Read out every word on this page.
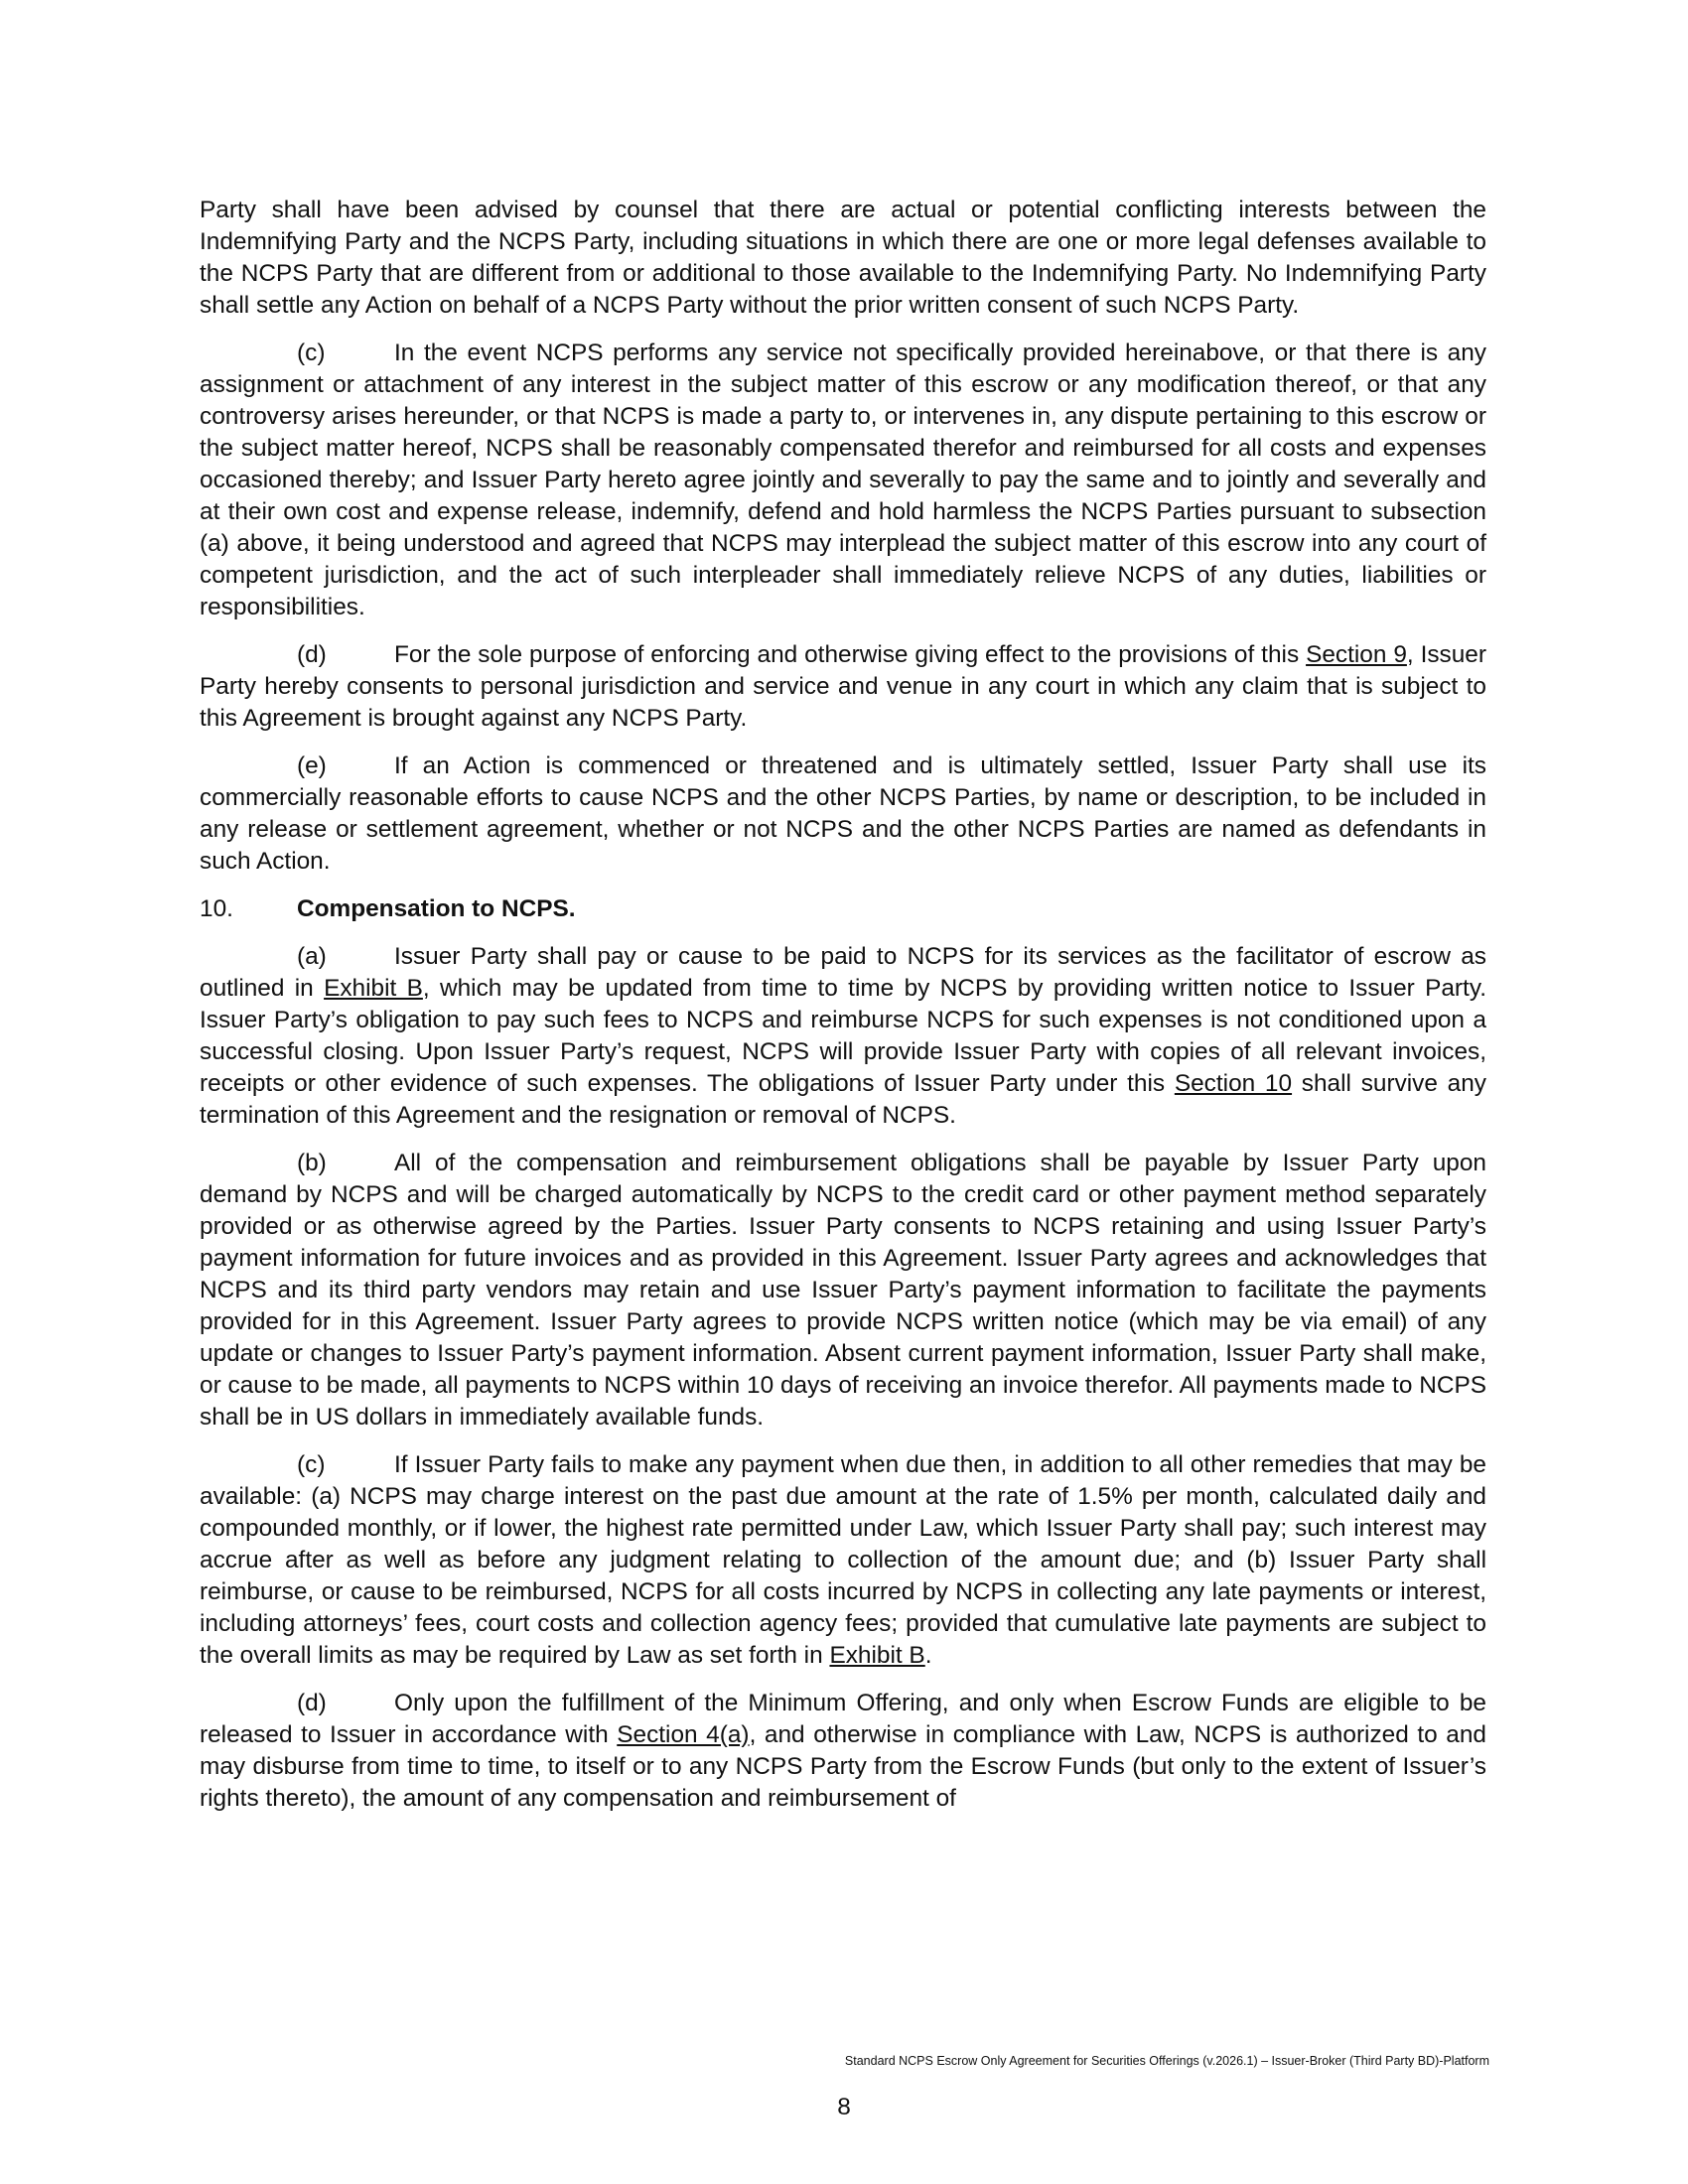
Party shall have been advised by counsel that there are actual or potential conflicting interests between the Indemnifying Party and the NCPS Party, including situations in which there are one or more legal defenses available to the NCPS Party that are different from or additional to those available to the Indemnifying Party. No Indemnifying Party shall settle any Action on behalf of a NCPS Party without the prior written consent of such NCPS Party.

(c)	In the event NCPS performs any service not specifically provided hereinabove, or that there is any assignment or attachment of any interest in the subject matter of this escrow or any modification thereof, or that any controversy arises hereunder, or that NCPS is made a party to, or intervenes in, any dispute pertaining to this escrow or the subject matter hereof, NCPS shall be reasonably compensated therefor and reimbursed for all costs and expenses occasioned thereby; and Issuer Party hereto agree jointly and severally to pay the same and to jointly and severally and at their own cost and expense release, indemnify, defend and hold harmless the NCPS Parties pursuant to subsection (a) above, it being understood and agreed that NCPS may interplead the subject matter of this escrow into any court of competent jurisdiction, and the act of such interpleader shall immediately relieve NCPS of any duties, liabilities or responsibilities.

(d)	For the sole purpose of enforcing and otherwise giving effect to the provisions of this Section 9, Issuer Party hereby consents to personal jurisdiction and service and venue in any court in which any claim that is subject to this Agreement is brought against any NCPS Party.

(e)	If an Action is commenced or threatened and is ultimately settled, Issuer Party shall use its commercially reasonable efforts to cause NCPS and the other NCPS Parties, by name or description, to be included in any release or settlement agreement, whether or not NCPS and the other NCPS Parties are named as defendants in such Action.

10.	Compensation to NCPS.

(a)	Issuer Party shall pay or cause to be paid to NCPS for its services as the facilitator of escrow as outlined in Exhibit B, which may be updated from time to time by NCPS by providing written notice to Issuer Party. Issuer Party’s obligation to pay such fees to NCPS and reimburse NCPS for such expenses is not conditioned upon a successful closing. Upon Issuer Party’s request, NCPS will provide Issuer Party with copies of all relevant invoices, receipts or other evidence of such expenses. The obligations of Issuer Party under this Section 10 shall survive any termination of this Agreement and the resignation or removal of NCPS.

(b)	All of the compensation and reimbursement obligations shall be payable by Issuer Party upon demand by NCPS and will be charged automatically by NCPS to the credit card or other payment method separately provided or as otherwise agreed by the Parties. Issuer Party consents to NCPS retaining and using Issuer Party’s payment information for future invoices and as provided in this Agreement. Issuer Party agrees and acknowledges that NCPS and its third party vendors may retain and use Issuer Party’s payment information to facilitate the payments provided for in this Agreement. Issuer Party agrees to provide NCPS written notice (which may be via email) of any update or changes to Issuer Party’s payment information. Absent current payment information, Issuer Party shall make, or cause to be made, all payments to NCPS within 10 days of receiving an invoice therefor. All payments made to NCPS shall be in US dollars in immediately available funds.

(c)	If Issuer Party fails to make any payment when due then, in addition to all other remedies that may be available: (a) NCPS may charge interest on the past due amount at the rate of 1.5% per month, calculated daily and compounded monthly, or if lower, the highest rate permitted under Law, which Issuer Party shall pay; such interest may accrue after as well as before any judgment relating to collection of the amount due; and (b) Issuer Party shall reimburse, or cause to be reimbursed, NCPS for all costs incurred by NCPS in collecting any late payments or interest, including attorneys’ fees, court costs and collection agency fees; provided that cumulative late payments are subject to the overall limits as may be required by Law as set forth in Exhibit B.

(d)	Only upon the fulfillment of the Minimum Offering, and only when Escrow Funds are eligible to be released to Issuer in accordance with Section 4(a), and otherwise in compliance with Law, NCPS is authorized to and may disburse from time to time, to itself or to any NCPS Party from the Escrow Funds (but only to the extent of Issuer’s rights thereto), the amount of any compensation and reimbursement of

Standard NCPS Escrow Only Agreement for Securities Offerings (v.2026.1) – Issuer-Broker (Third Party BD)-Platform
8
